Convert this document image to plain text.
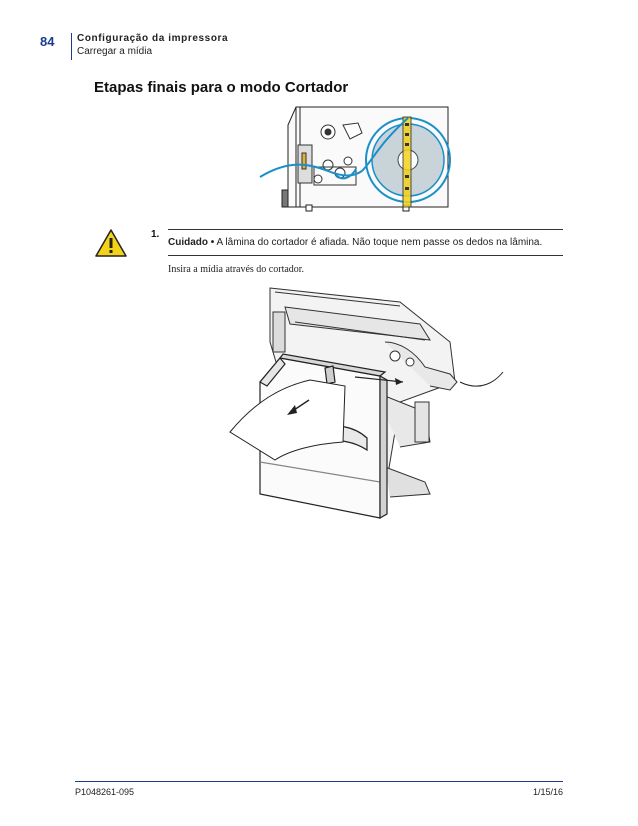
84 Configuração da impressora
Carregar a mídia
Etapas finais para o modo Cortador
1.
Cuidado • A lâmina do cortador é afiada. Não toque nem passe os dedos na lâmina.
Insira a mídia através do cortador.
P1048261-095	1/15/16
